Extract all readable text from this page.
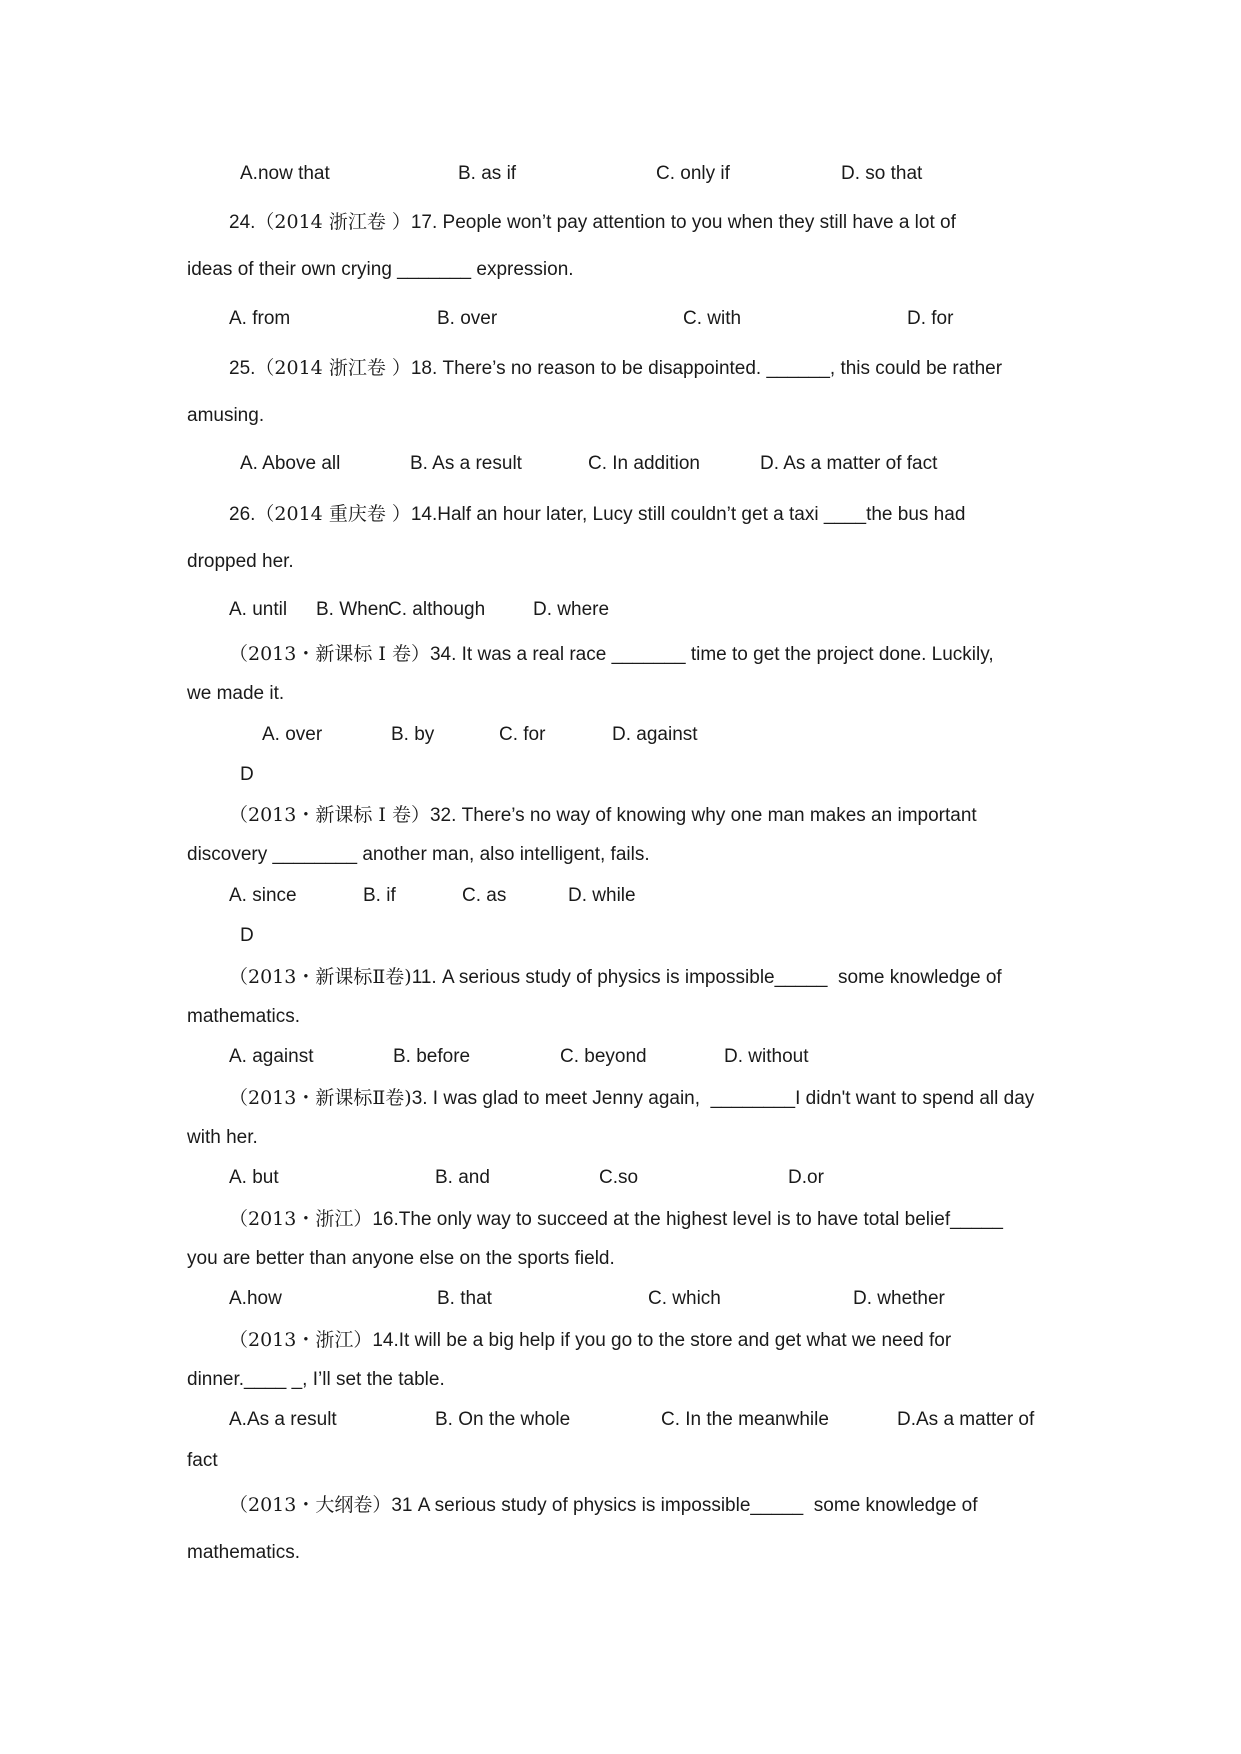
A.now that	B. as if	C. only if	D. so that
24.（2014 浙江卷 ）17. People won’t pay attention to you when they still have a lot of
ideas of their own crying _______ expression.
A. from	B. over	C. with	D. for
25.（2014 浙江卷 ）18. There’s no reason to be disappointed. ______, this could be rather
amusing.
A. Above all	B. As a result	C. In addition	D. As a matter of fact
26.（2014 重庆卷 ）14.Half an hour later, Lucy still couldn’t get a taxi ____the bus had
dropped her.
A. until B. When C. although	D. where
（2013・新课标 I 卷）34. It was a real race _______ time to get the project done. Luckily,
we made it.
A. over	B. by	C. for	D. against
D
（2013・新课标 I 卷）32. There’s no way of knowing why one man makes an important
discovery ________ another man, also intelligent, fails.
A. since	B. if	C. as	D. while
D
（2013・新课标Ⅱ卷)11. A serious study of physics is impossible_____  some knowledge of
mathematics.
A. against	B. before	C. beyond	D. without
（2013・新课标Ⅱ卷)3. I was glad to meet Jenny again,  ________I didn't want to spend all day
with her.
A. but	B. and	C.so	D.or
（2013・浙江）16.The only way to succeed at the highest level is to have total belief_____
you are better than anyone else on the sports field.
A.how	B. that	C. which	D. whether
（2013・浙江）14.It will be a big help if you go to the store and get what we need for
dinner.____ _, I’ll set the table.
A.As a result	B. On the whole	C. In the meanwhile	D.As a matter of
fact
（2013・大纲卷）31 A serious study of physics is impossible_____  some knowledge of
mathematics.
